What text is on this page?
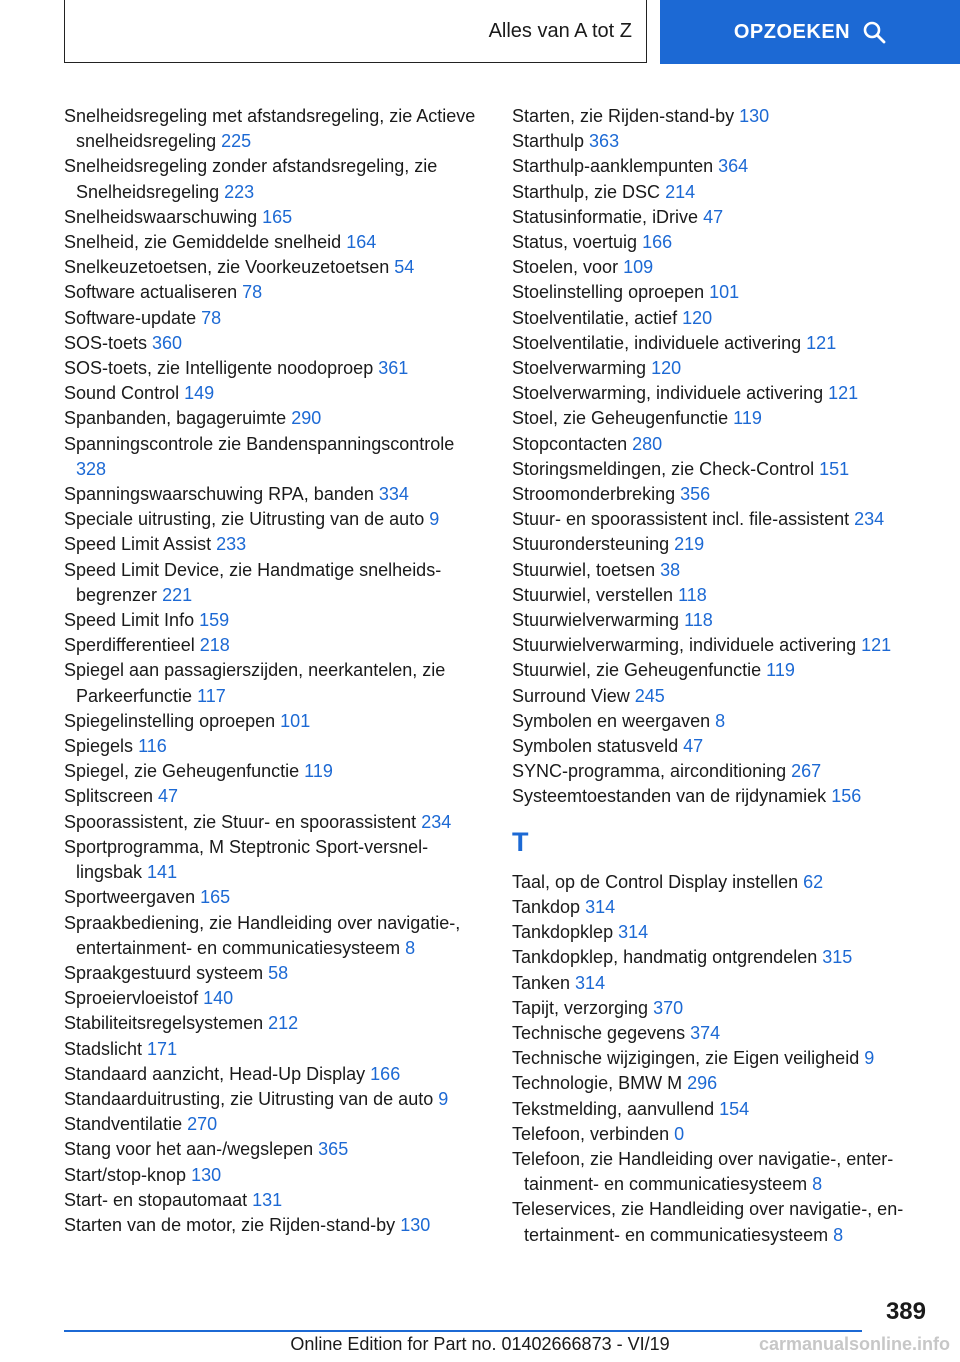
Alles van A tot Z	OPZOEKEN
Snelheidsregeling met afstandsregeling, zie Actieve snelheidsregeling 225
Snelheidsregeling zonder afstandsregeling, zie Snelheidsregeling 223
Snelheidswaarschuwing 165
Snelheid, zie Gemiddelde snelheid 164
Snelkeuzetoetsen, zie Voorkeuzetoetsen 54
Software actualiseren 78
Software-update 78
SOS-toets 360
SOS-toets, zie Intelligente noodoproep 361
Sound Control 149
Spanbanden, bagageruimte 290
Spanningscontrole zie Bandenspanningscontrole 328
Spanningswaarschuwing RPA, banden 334
Speciale uitrusting, zie Uitrusting van de auto 9
Speed Limit Assist 233
Speed Limit Device, zie Handmatige snelheidsbegrenzer 221
Speed Limit Info 159
Sperdifferentieel 218
Spiegel aan passagierszijden, neerkantelen, zie Parkeerfunctie 117
Spiegelinstelling oproepen 101
Spiegels 116
Spiegel, zie Geheugenfunctie 119
Splitscreen 47
Spoorassistent, zie Stuur- en spoorassistent 234
Sportprogramma, M Steptronic Sport-versnellingsbak 141
Sportweergaven 165
Spraakbediening, zie Handleiding over navigatie-, entertainment- en communicatiesysteem 8
Spraakgestuurd systeem 58
Sproeiervloeistof 140
Stabiliteitsregelsystemen 212
Stadslicht 171
Standaard aanzicht, Head-Up Display 166
Standaarduitrusting, zie Uitrusting van de auto 9
Standventilatie 270
Stang voor het aan-/wegslepen 365
Start/stop-knop 130
Start- en stopautomaat 131
Starten van de motor, zie Rijden-stand-by 130
Starten, zie Rijden-stand-by 130
Starthulp 363
Starthulp-aanklempunten 364
Starthulp, zie DSC 214
Statusinformatie, iDrive 47
Status, voertuig 166
Stoelen, voor 109
Stoelinstelling oproepen 101
Stoelventilatie, actief 120
Stoelventilatie, individuele activering 121
Stoelverwarming 120
Stoelverwarming, individuele activering 121
Stoel, zie Geheugenfunctie 119
Stopcontacten 280
Storingsmeldingen, zie Check-Control 151
Stroomonderbreking 356
Stuur- en spoorassistent incl. file-assistent 234
Stuurondersteuning 219
Stuurwiel, toetsen 38
Stuurwiel, verstellen 118
Stuurwielverwarming 118
Stuurwielverwarming, individuele activering 121
Stuurwiel, zie Geheugenfunctie 119
Surround View 245
Symbolen en weergaven 8
Symbolen statusveld 47
SYNC-programma, airconditioning 267
Systeemtoestanden van de rijdynamiek 156
T
Taal, op de Control Display instellen 62
Tankdop 314
Tankdopklep 314
Tankdopklep, handmatig ontgrendelen 315
Tanken 314
Tapijt, verzorging 370
Technische gegevens 374
Technische wijzigingen, zie Eigen veiligheid 9
Technologie, BMW M 296
Tekstmelding, aanvullend 154
Telefoon, verbinden 0
Telefoon, zie Handleiding over navigatie-, entertainment- en communicatiesysteem 8
Teleservices, zie Handleiding over navigatie-, entertainment- en communicatiesysteem 8
389
Online Edition for Part no. 01402666873 - VI/19	carmanualsonline.info
